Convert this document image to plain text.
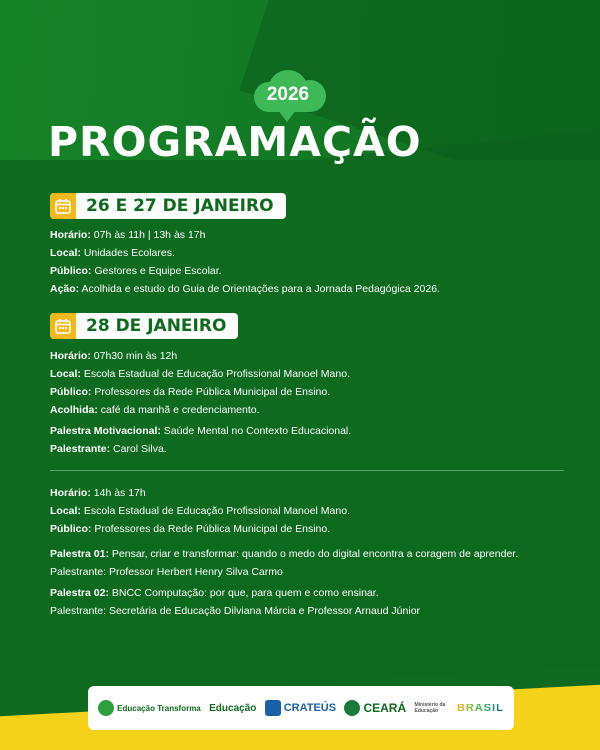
2026
PROGRAMAÇÃO
26 E 27 DE JANEIRO
Horário: 07h às 11h | 13h às 17h
Local: Unidades Ecolares.
Público: Gestores e Equipe Escolar.
Ação: Acolhida e estudo do Guia de Orientações para a Jornada Pedagógica 2026.
28 DE JANEIRO
Horário: 07h30 min às 12h
Local: Escola Estadual de Educação Profissional Manoel Mano.
Público: Professores da Rede Pública Municipal de Ensino.
Acolhida: café da manhã e credenciamento.
Palestra Motivacional: Saúde Mental no Contexto Educacional.
Palestrante: Carol Silva.
Horário: 14h às 17h
Local: Escola Estadual de Educação Profissional Manoel Mano.
Público: Professores da Rede Pública Municipal de Ensino.
Palestra 01: Pensar, criar e transformar: quando o medo do digital encontra a coragem de aprender.
Palestrante: Professor Herbert Henry Silva Carmo
Palestra 02: BNCC Computação: por que, para quem e como ensinar.
Palestrante: Secretária de Educação Dilviana Márcia e Professor Arnaud Júnior
Educação Transforma Educação CRATEÚS CEARÁ Ministério da Educação	BRASIL
